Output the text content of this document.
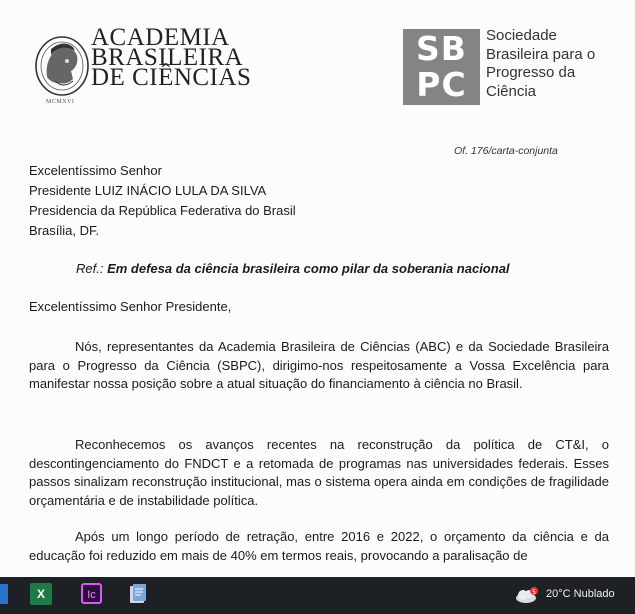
ACADEMIA
BRASILEIRA
DE CIÊNCIAS
MCMXVI
SB
PC
Sociedade
Brasileira para o
Progresso da
Ciência
Of. 176/carta-conjunta
Excelentíssimo Senhor
Presidente LUIZ INÁCIO LULA DA SILVA
Presidencia da República Federativa do Brasil
Brasília, DF.
Ref.: Em defesa da ciência brasileira como pilar da soberania nacional
Excelentíssimo Senhor Presidente,

Nós, representantes da Academia Brasileira de Ciências (ABC) e da Sociedade Brasileira para o Progresso da Ciência (SBPC), dirigimo-nos respeitosamente a Vossa Excelência para manifestar nossa posição sobre a atual situação do financiamento à ciência no Brasil.

Reconhecemos os avanços recentes na reconstrução da política de CT&I, o descontingenciamento do FNDCT e a retomada de programas nas universidades federais. Esses passos sinalizam reconstrução institucional, mas o sistema opera ainda em condições de fragilidade orçamentária e de instabilidade política.

Após um longo período de retração, entre 2016 e 2022, o orçamento da ciência e da educação foi reduzido em mais de 40% em termos reais, provocando a paralisação de

X	Ic	5 20°C Nublado
